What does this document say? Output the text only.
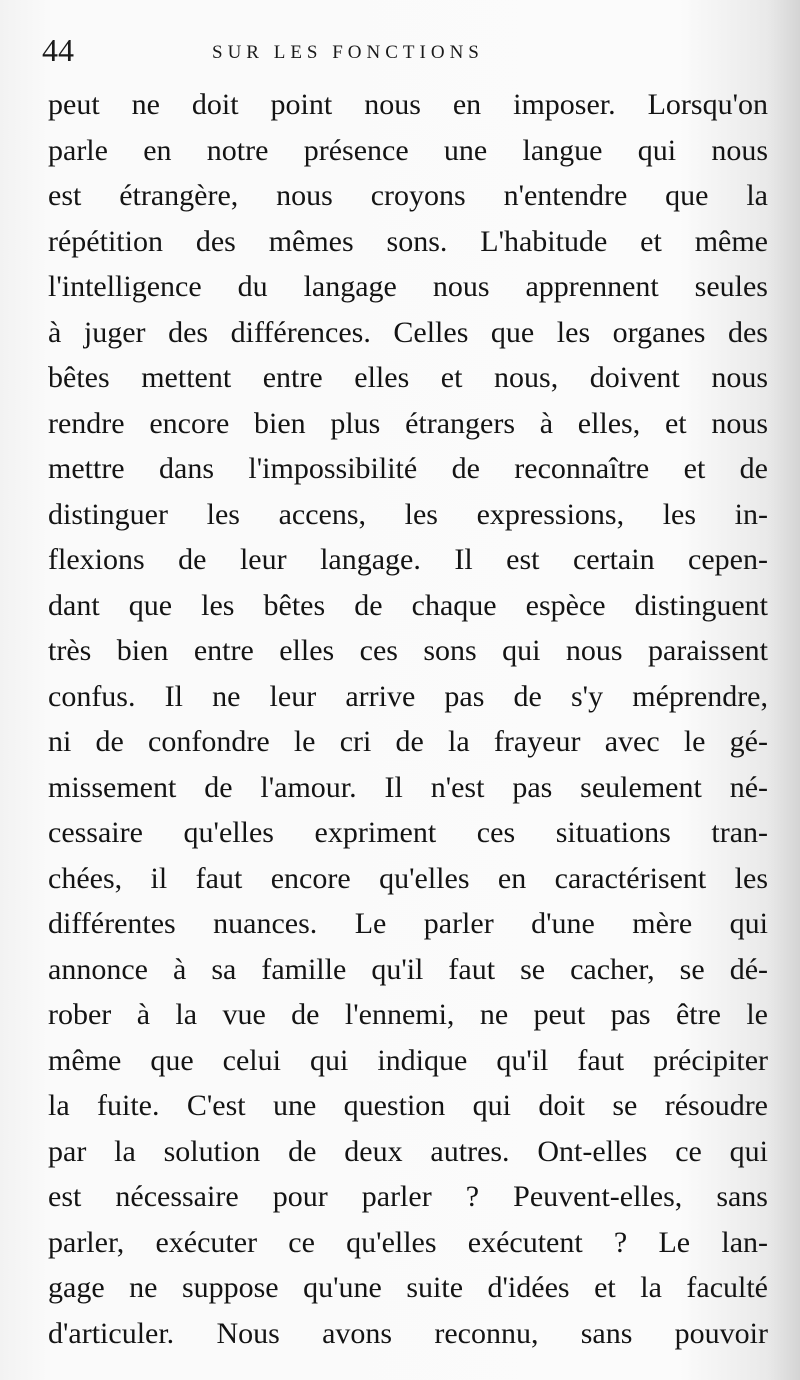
44	SUR LES FONCTIONS
peut ne doit point nous en imposer. Lorsqu'on
parle en notre présence une langue qui nous
est étrangère, nous croyons n'entendre que la
répétition des mêmes sons. L'habitude et même
l'intelligence du langage nous apprennent seules
à juger des différences. Celles que les organes des
bêtes mettent entre elles et nous, doivent nous
rendre encore bien plus étrangers à elles, et nous
mettre dans l'impossibilité de reconnaître et de
distinguer les accens, les expressions, les in-
flexions de leur langage. Il est certain cepen-
dant que les bêtes de chaque espèce distinguent
très bien entre elles ces sons qui nous paraissent
confus. Il ne leur arrive pas de s'y méprendre,
ni de confondre le cri de la frayeur avec le gé-
missement de l'amour. Il n'est pas seulement né-
cessaire qu'elles expriment ces situations tran-
chées, il faut encore qu'elles en caractérisent les
différentes nuances. Le parler d'une mère qui
annonce à sa famille qu'il faut se cacher, se dé-
rober à la vue de l'ennemi, ne peut pas être le
même que celui qui indique qu'il faut précipiter
la fuite. C'est une question qui doit se résoudre
par la solution de deux autres. Ont-elles ce qui
est nécessaire pour parler ? Peuvent-elles, sans
parler, exécuter ce qu'elles exécutent ? Le lan-
gage ne suppose qu'une suite d'idées et la faculté
d'articuler. Nous avons reconnu, sans pouvoir
